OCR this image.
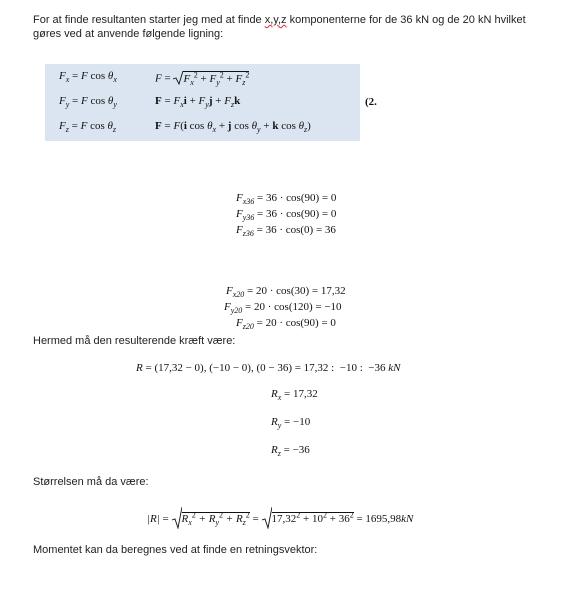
For at finde resultanten starter jeg med at finde x,y,z komponenterne for de 36 kN og de 20 kN hvilket gøres ved at anvende følgende ligning:
$F_x = F$ $\cos \theta_x$	$F = F_x^2 + F_y^2 + F_z^2$
$F_y = F$ $\cos \theta_y$	$F = F_xi + F_yj + F_zk$
$F_z = F$ $\cos \theta_z$	F = F(i $\cos \theta_x + j$ $\cos \theta_y + k$ $\cos \theta_z$)
(2.
$F_{x36} = 36 \cdot \cos(90) = 0$
$F_{y36} = 36 \cdot \cos(90) = 0$
$F_{z36} = 36 \cdot \cos(0) = 36$
$F_{x20} = 20 \cdot \cos(30) = 17,32$
$F_{y20} = 20 \cdot \cos(120) = -10$
$F_{z20} = 20 \cdot \cos(90) = 0$
Hermed må den resulterende kræft være:
R = (17,32 − 0), (−10 − 0), (0 − 36) = 17,32 :  −10 :  −36 kN
$R_x = 17,32$
$R_y = -10$
$R_z = -36$
Størrelsen må da være:
$|R| = R_x^2 + R_y^2 + R_z^2 = 17,32^2 + 10^2 + 36^2 = 1695,98kN$
Momentet kan da beregnes ved at finde en retningsvektor:
